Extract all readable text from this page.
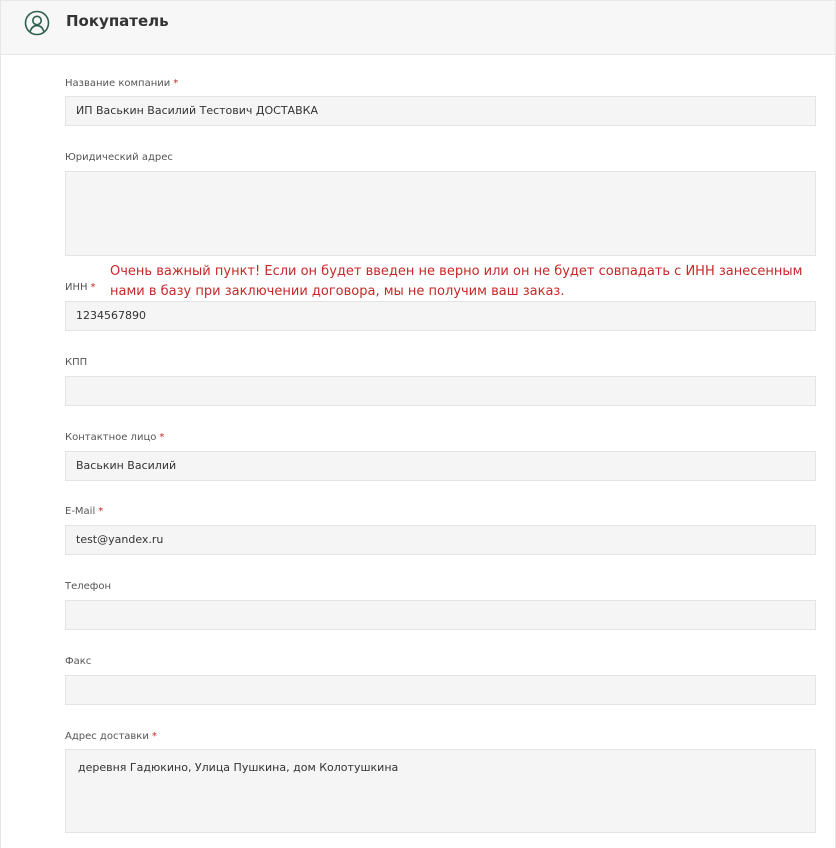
Покупатель
Название компании *
ИП Васькин Василий Тестович ДОСТАВКА
Юридический адрес
Очень важный пункт! Если он будет введен не верно или он не будет совпадать с ИНН занесенным нами в базу при заключении договора, мы не получим ваш заказ.
ИНН *
1234567890
КПП
Контактное лицо *
Васькин Василий
E-Mail *
test@yandex.ru
Телефон
Факс
Адрес доставки *
деревня Гадюкино, Улица Пушкина, дом Колотушкина
